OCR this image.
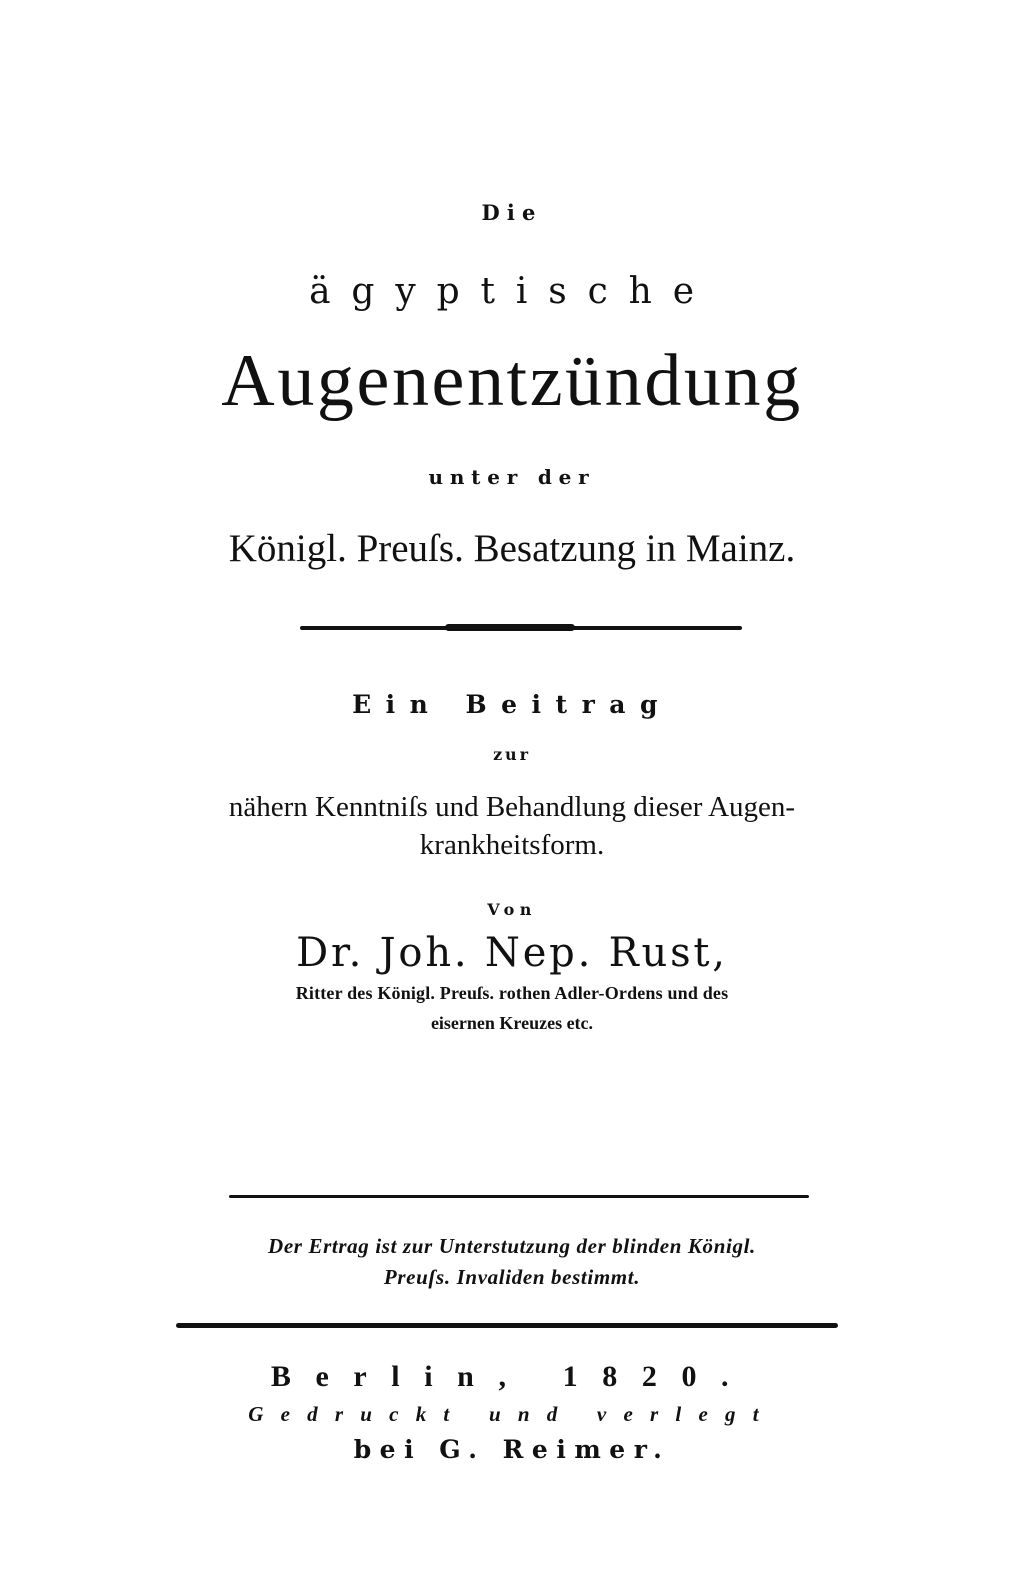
Die
ägyptische
Augenentzündung
unter der
Königl. Preuſs. Besatzung in Mainz.
Ein Beitrag
zur
nähern Kenntniſs und Behandlung dieser Augen-
krankheitsform.
Von
Dr. Joh. Nep. Rust,
Ritter des Königl. Preuſs. rothen Adler-Ordens und des
eisernen Kreuzes etc.
Der Ertrag ist zur Unterstutzung der blinden Königl.
Preuſs. Invaliden bestimmt.
Berlin, 1820.
Gedruckt und verlegt
bei G. Reimer.
